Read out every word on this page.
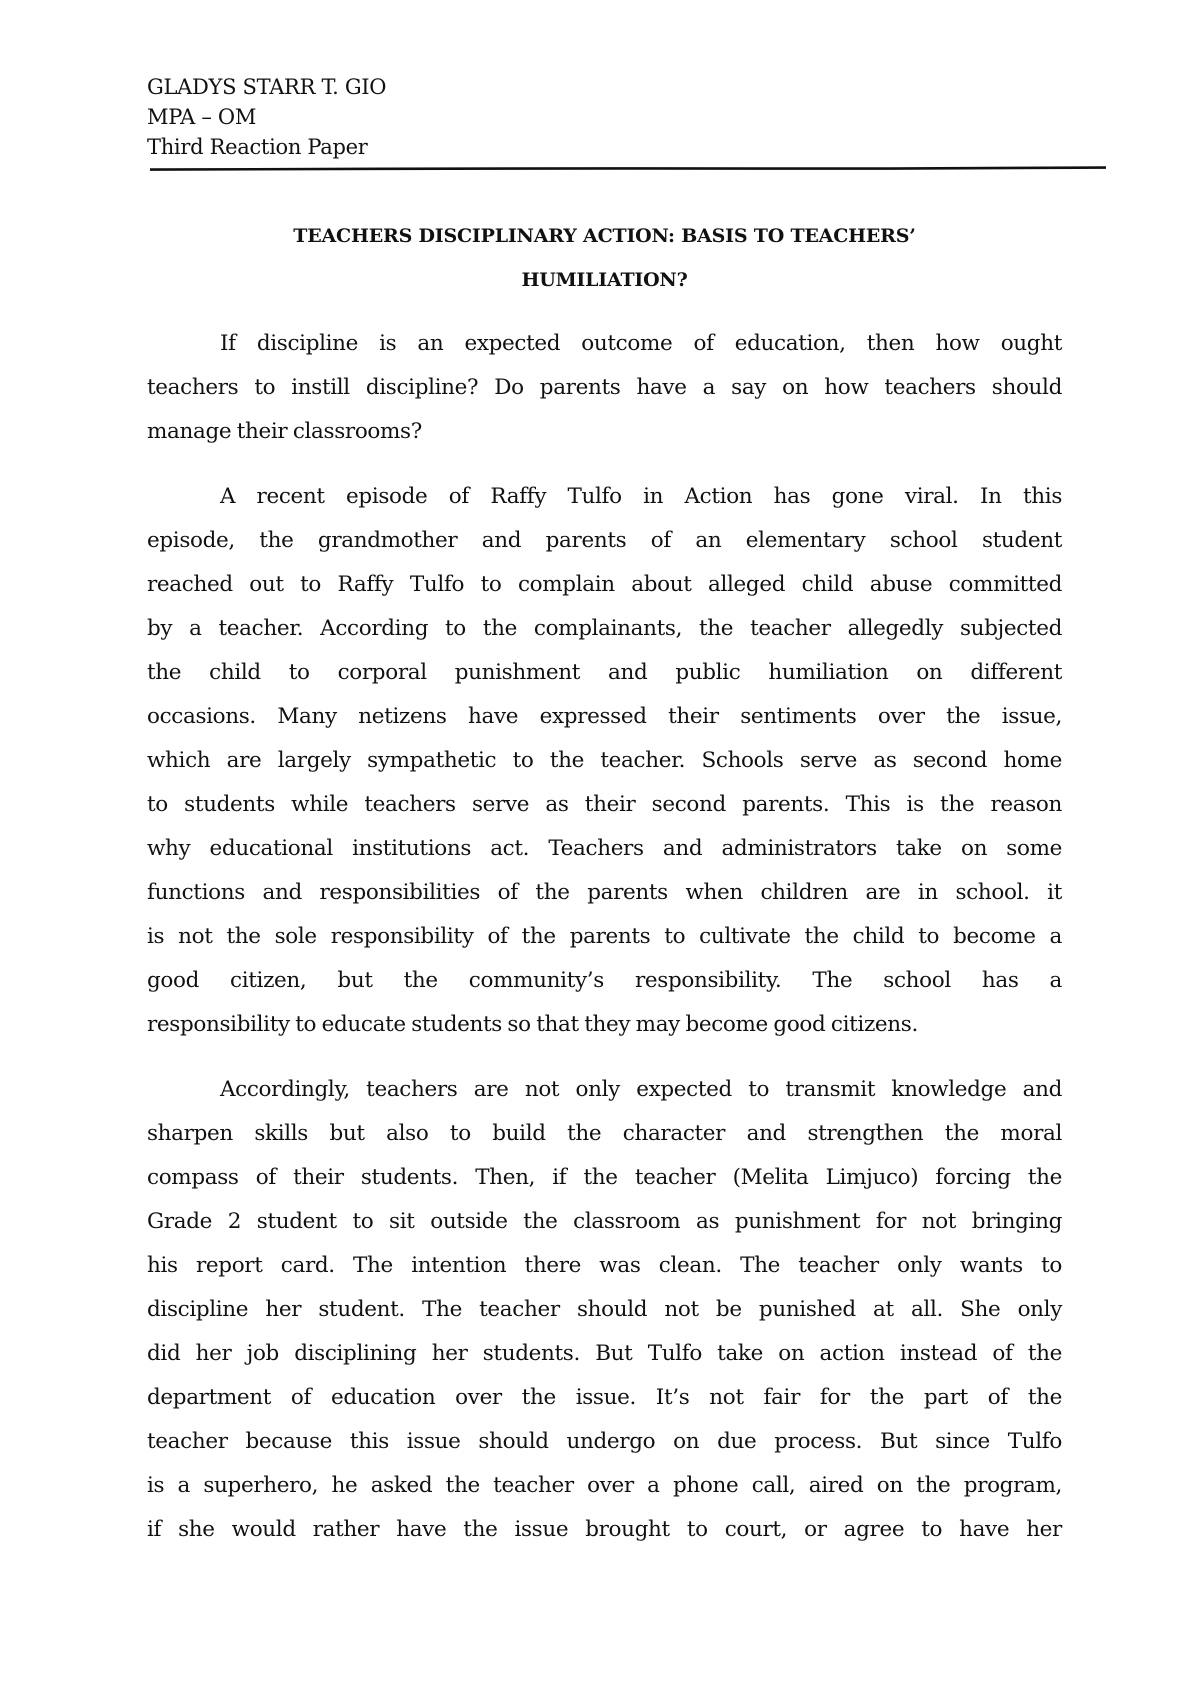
GLADYS STARR T. GIO
MPA – OM
Third Reaction Paper
TEACHERS DISCIPLINARY ACTION: BASIS TO TEACHERS’
HUMILIATION?
If discipline is an expected outcome of education, then how ought
teachers to instill discipline? Do parents have a say on how teachers should
manage their classrooms?
A recent episode of Raffy Tulfo in Action has gone viral. In this
episode, the grandmother and parents of an elementary school student
reached out to Raffy Tulfo to complain about alleged child abuse committed
by a teacher. According to the complainants, the teacher allegedly subjected
the child to corporal punishment and public humiliation on different
occasions. Many netizens have expressed their sentiments over the issue,
which are largely sympathetic to the teacher. Schools serve as second home
to students while teachers serve as their second parents. This is the reason
why educational institutions act. Teachers and administrators take on some
functions and responsibilities of the parents when children are in school. it
is not the sole responsibility of the parents to cultivate the child to become a
good citizen, but the community’s responsibility. The school has a
responsibility to educate students so that they may become good citizens.
Accordingly, teachers are not only expected to transmit knowledge and
sharpen skills but also to build the character and strengthen the moral
compass of their students. Then, if the teacher (Melita Limjuco) forcing the
Grade 2 student to sit outside the classroom as punishment for not bringing
his report card. The intention there was clean. The teacher only wants to
discipline her student. The teacher should not be punished at all. She only
did her job disciplining her students. But Tulfo take on action instead of the
department of education over the issue. It’s not fair for the part of the
teacher because this issue should undergo on due process. But since Tulfo
is a superhero, he asked the teacher over a phone call, aired on the program,
if she would rather have the issue brought to court, or agree to have her
